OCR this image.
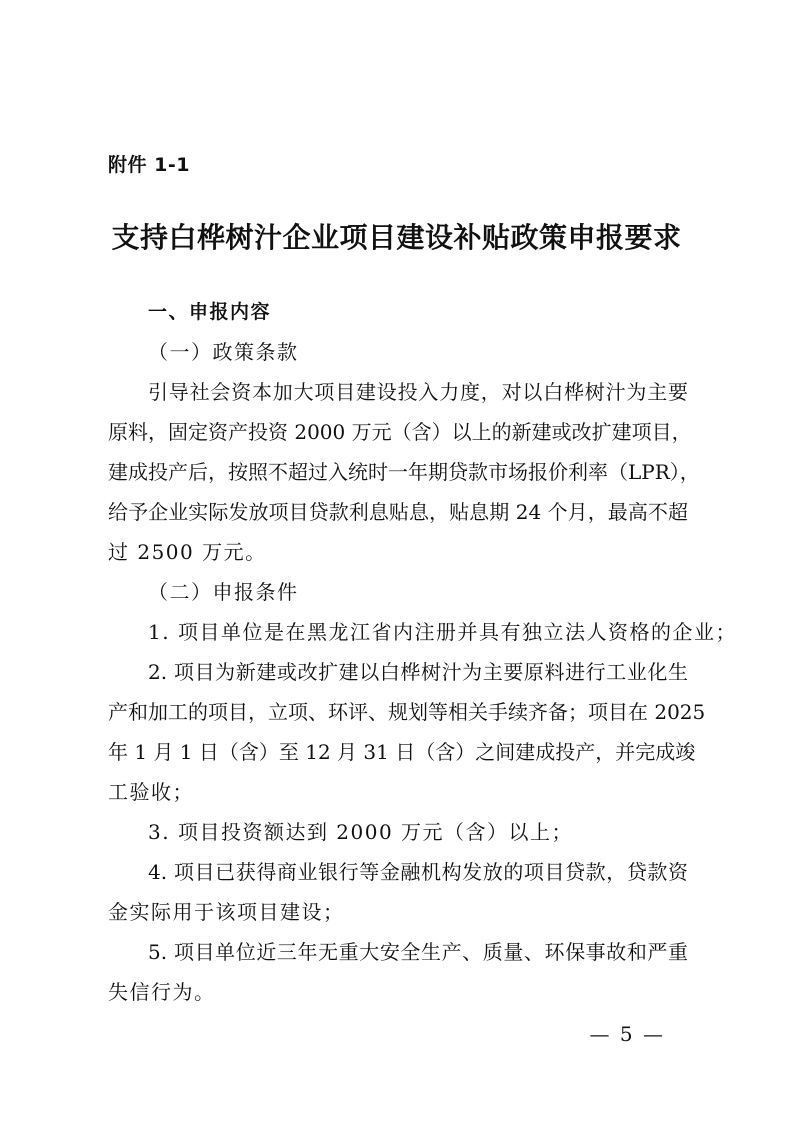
附件 1-1
支持白桦树汁企业项目建设补贴政策申报要求
一、申报内容
（一）政策条款
引导社会资本加大项目建设投入力度，对以白桦树汁为主要
原料，固定资产投资 2000 万元（含）以上的新建或改扩建项目，
建成投产后，按照不超过入统时一年期贷款市场报价利率（LPR），
给予企业实际发放项目贷款利息贴息，贴息期 24 个月，最高不超
过 2500 万元。
（二）申报条件
1. 项目单位是在黑龙江省内注册并具有独立法人资格的企业；
2. 项目为新建或改扩建以白桦树汁为主要原料进行工业化生
产和加工的项目，立项、环评、规划等相关手续齐备；项目在 2025
年 1 月 1 日（含）至 12 月 31 日（含）之间建成投产，并完成竣
工验收；
3. 项目投资额达到 2000 万元（含）以上；
4. 项目已获得商业银行等金融机构发放的项目贷款，贷款资
金实际用于该项目建设；
5. 项目单位近三年无重大安全生产、质量、环保事故和严重
失信行为。
— 5 —
